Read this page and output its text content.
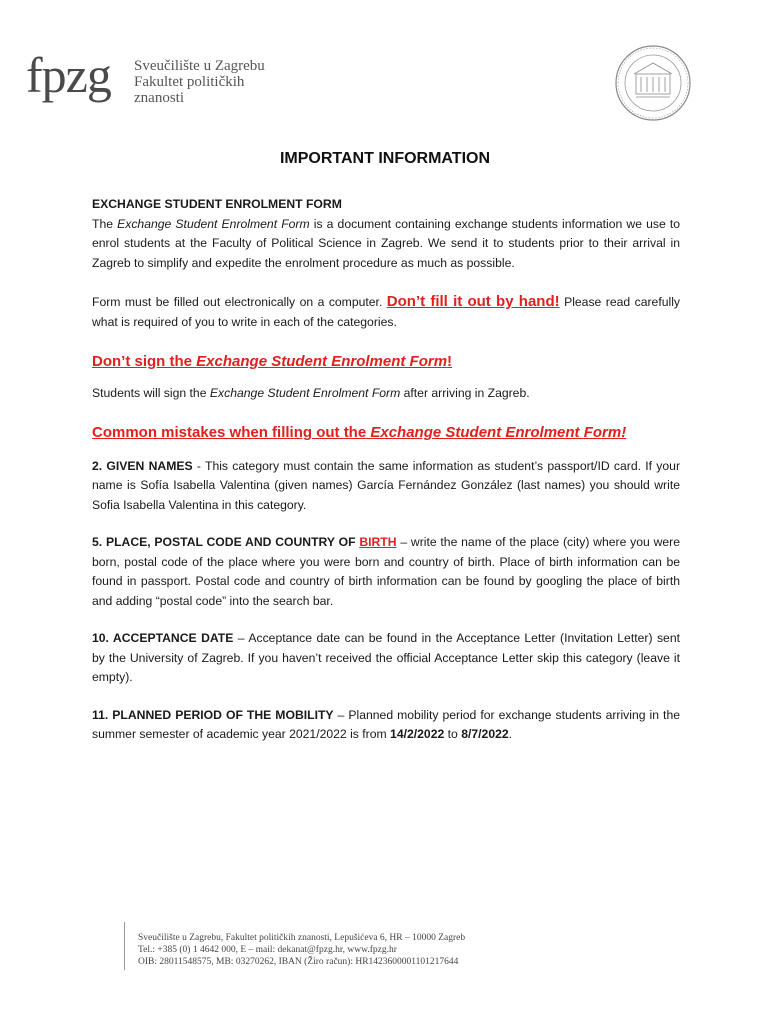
fpzg Sveučilište u Zagrebu
Fakultet političkih
znanosti
IMPORTANT INFORMATION

EXCHANGE STUDENT ENROLMENT FORM

The Exchange Student Enrolment Form is a document containing exchange students information we use to enrol students at the Faculty of Political Science in Zagreb. We send it to students prior to their arrival in Zagreb to simplify and expedite the enrolment procedure as much as possible.

Form must be filled out electronically on a computer. Don’t fill it out by hand! Please read carefully what is required of you to write in each of the categories.

Don’t sign the Exchange Student Enrolment Form!

Students will sign the Exchange Student Enrolment Form after arriving in Zagreb.

Common mistakes when filling out the Exchange Student Enrolment Form!

2. GIVEN NAMES - This category must contain the same information as student’s passport/ID card. If your name is Sofía Isabella Valentina (given names) García Fernández González (last names) you should write Sofia Isabella Valentina in this category.

5. PLACE, POSTAL CODE AND COUNTRY OF BIRTH – write the name of the place (city) where you were born, postal code of the place where you were born and country of birth. Place of birth information can be found in passport. Postal code and country of birth information can be found by googling the place of birth and adding “postal code” into the search bar.

10. ACCEPTANCE DATE – Acceptance date can be found in the Acceptance Letter (Invitation Letter) sent by the University of Zagreb. If you haven’t received the official Acceptance Letter skip this category (leave it empty).

11. PLANNED PERIOD OF THE MOBILITY – Planned mobility period for exchange students arriving in the summer semester of academic year 2021/2022 is from 14/2/2022 to 8/7/2022.

Sveučilište u Zagrebu, Fakultet političkih znanosti, Lepušićeva 6, HR – 10000 Zagreb
Tel.: +385 (0) 1 4642 000, E – mail: dekanat@fpzg.hr, www.fpzg.hr
OIB: 28011548575, MB: 03270262, IBAN (Žiro račun): HR1423600001101217644
